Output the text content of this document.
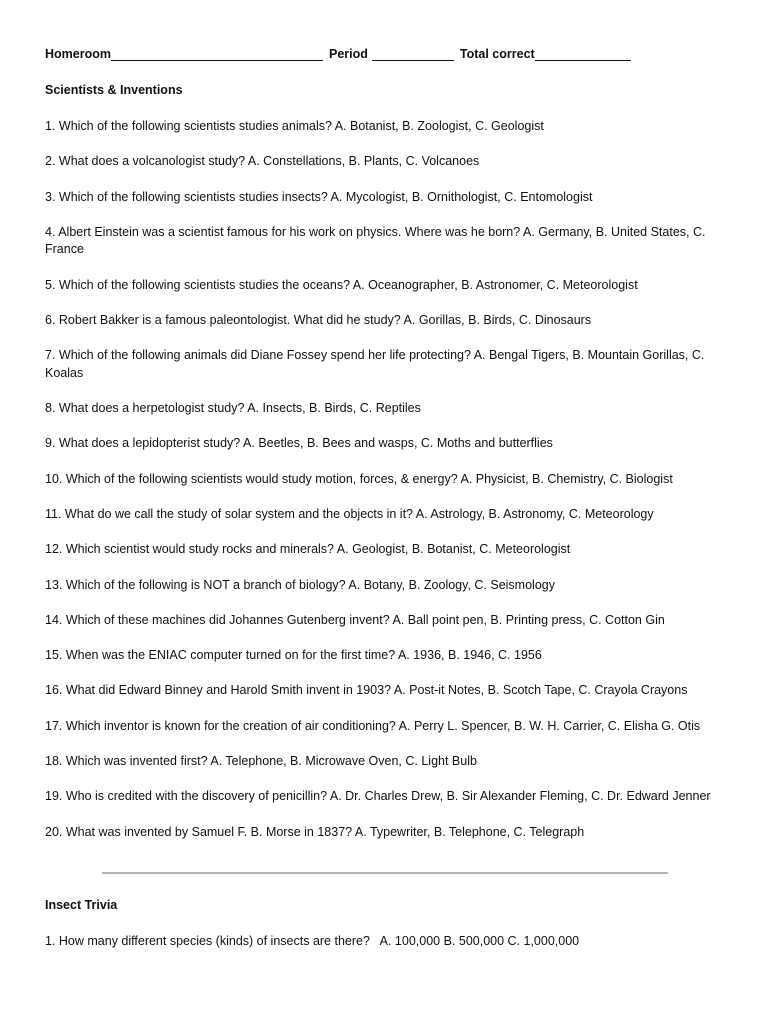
Homeroom	Period	Total correct
Scientists & Inventions
1. Which of the following scientists studies animals? A. Botanist, B. Zoologist, C. Geologist
2. What does a volcanologist study? A. Constellations, B. Plants, C. Volcanoes
3. Which of the following scientists studies insects? A. Mycologist, B. Ornithologist, C. Entomologist
4. Albert Einstein was a scientist famous for his work on physics. Where was he born? A. Germany, B. United States, C. France
5. Which of the following scientists studies the oceans? A. Oceanographer, B. Astronomer, C. Meteorologist
6. Robert Bakker is a famous paleontologist. What did he study? A. Gorillas, B. Birds, C. Dinosaurs
7. Which of the following animals did Diane Fossey spend her life protecting? A. Bengal Tigers, B. Mountain Gorillas, C. Koalas
8. What does a herpetologist study? A. Insects, B. Birds, C. Reptiles
9. What does a lepidopterist study? A. Beetles, B. Bees and wasps, C. Moths and butterflies
10. Which of the following scientists would study motion, forces, & energy? A. Physicist, B. Chemistry, C. Biologist
11. What do we call the study of solar system and the objects in it? A. Astrology, B. Astronomy, C. Meteorology
12. Which scientist would study rocks and minerals? A. Geologist, B. Botanist, C. Meteorologist
13. Which of the following is NOT a branch of biology? A. Botany, B. Zoology, C. Seismology
14. Which of these machines did Johannes Gutenberg invent? A. Ball point pen, B. Printing press, C. Cotton Gin
15. When was the ENIAC computer turned on for the first time? A. 1936, B. 1946, C. 1956
16. What did Edward Binney and Harold Smith invent in 1903? A. Post-it Notes, B. Scotch Tape, C. Crayola Crayons
17. Which inventor is known for the creation of air conditioning? A. Perry L. Spencer, B. W. H. Carrier, C. Elisha G. Otis
18. Which was invented first? A. Telephone, B. Microwave Oven, C. Light Bulb
19. Who is credited with the discovery of penicillin? A. Dr. Charles Drew, B. Sir Alexander Fleming, C. Dr. Edward Jenner
20. What was invented by Samuel F. B. Morse in 1837? A. Typewriter, B. Telephone, C. Telegraph
Insect Trivia
1. How many different species (kinds) of insects are there?   A. 100,000 B. 500,000 C. 1,000,000
